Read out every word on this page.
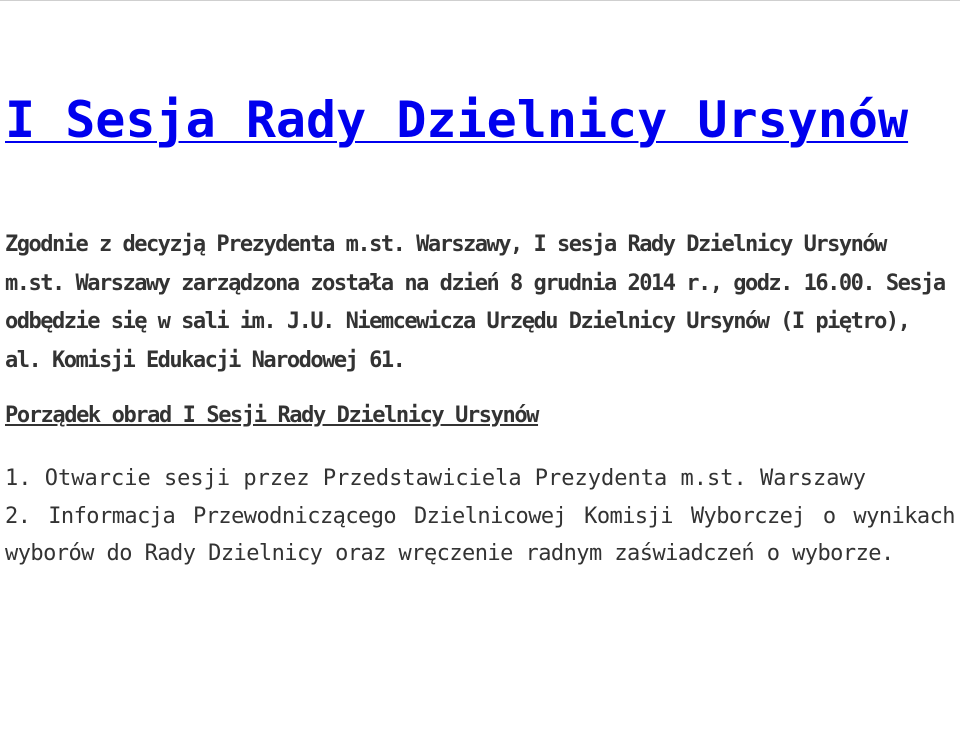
I Sesja Rady Dzielnicy Ursynów

Zgodnie z decyzją Prezydenta m.st. Warszawy, I sesja Rady Dzielnicy Ursynów m.st. Warszawy zarządzona została na dzień 8 grudnia 2014 r., godz. 16.00. Sesja odbędzie się w sali im. J.U. Niemcewicza Urzędu Dzielnicy Ursynów (I piętro), al. Komisji Edukacji Narodowej 61.

Porządek obrad I Sesji Rady Dzielnicy Ursynów

1. Otwarcie sesji przez Przedstawiciela Prezydenta m.st. Warszawy

2. Informacja Przewodniczącego Dzielnicowej Komisji Wyborczej o wynikach wyborów do Rady Dzielnicy oraz wręczenie radnym zaświadczeń o wyborze.
